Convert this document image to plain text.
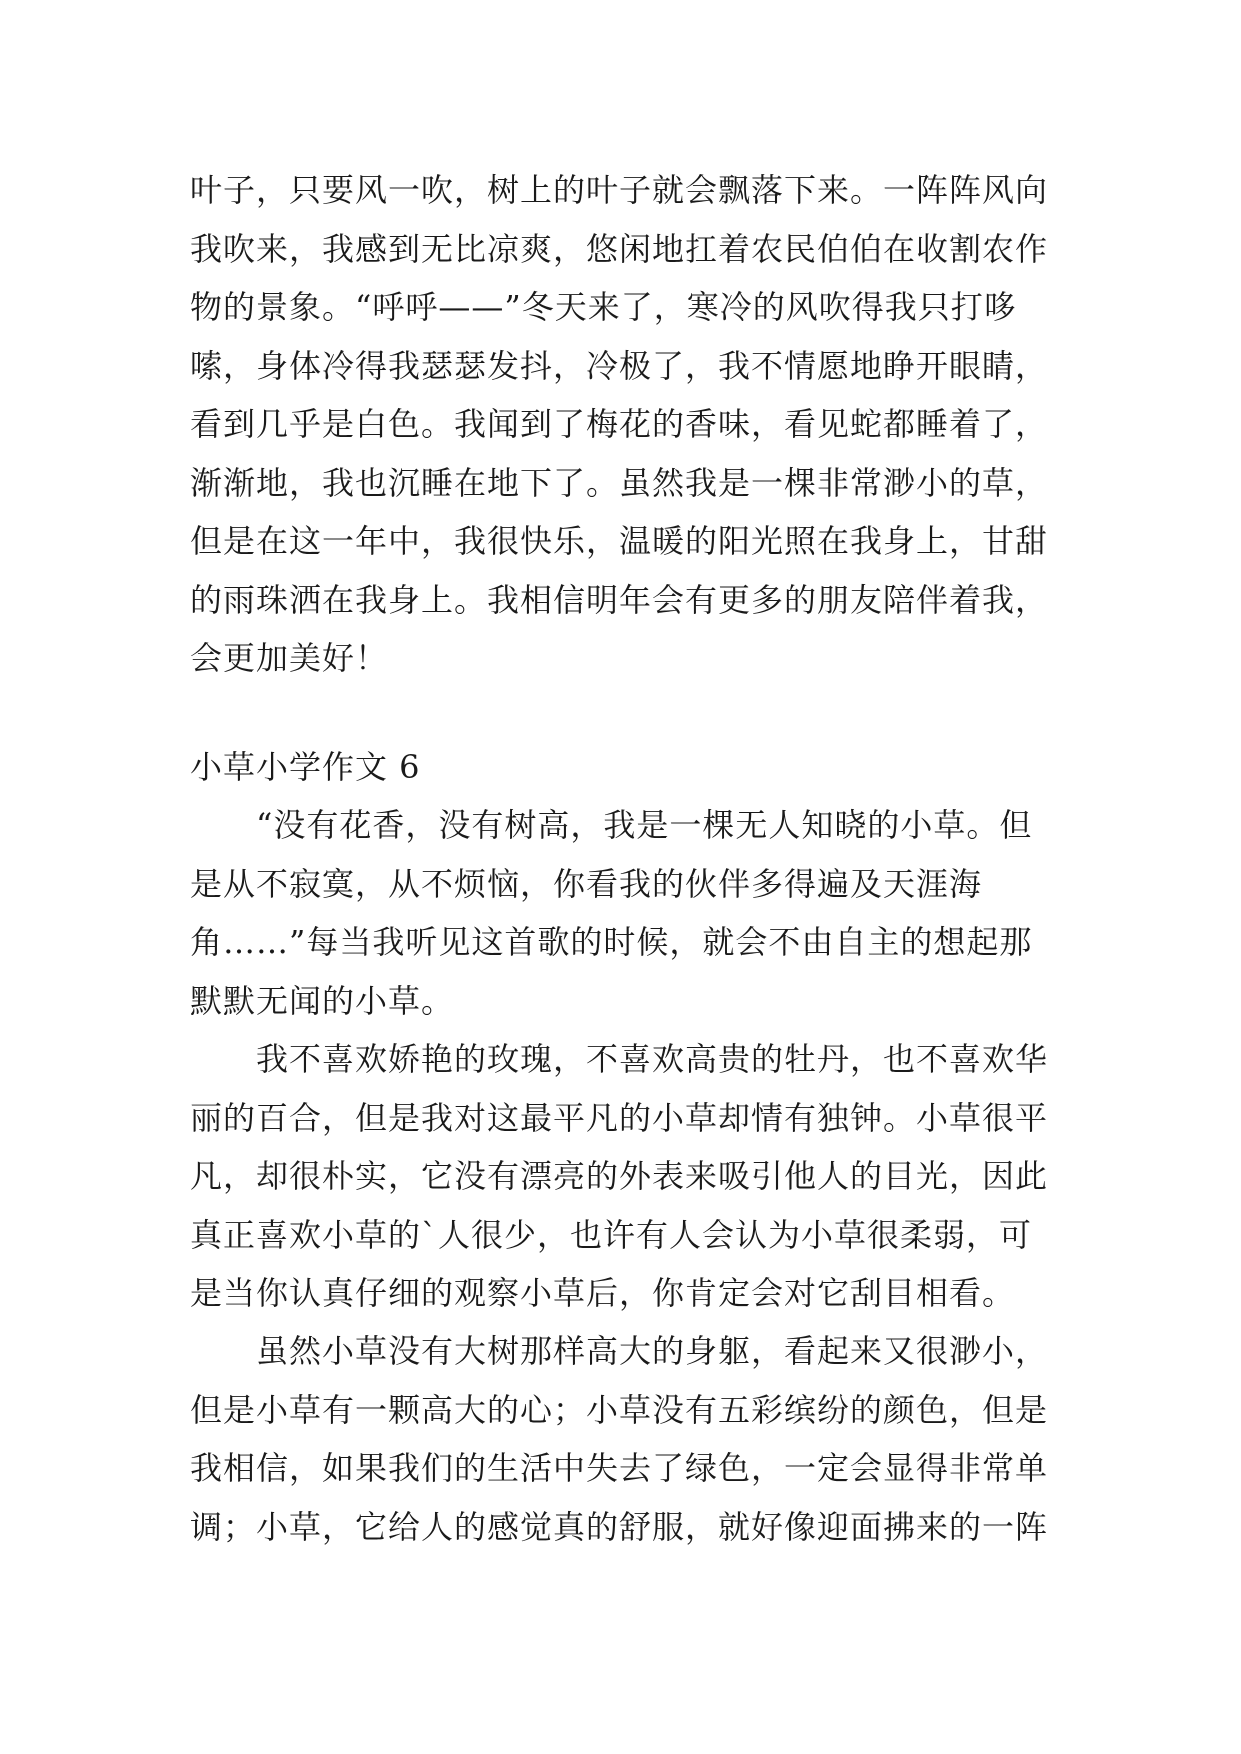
叶子，只要风一吹，树上的叶子就会飘落下来。一阵阵风向
我吹来，我感到无比凉爽，悠闲地扛着农民伯伯在收割农作
物的景象。“呼呼——”冬天来了，寒冷的风吹得我只打哆
嗦，身体冷得我瑟瑟发抖，冷极了，我不情愿地睁开眼睛，
看到几乎是白色。我闻到了梅花的香味，看见蛇都睡着了，
渐渐地，我也沉睡在地下了。虽然我是一棵非常渺小的草，
但是在这一年中，我很快乐，温暖的阳光照在我身上，甘甜
的雨珠洒在我身上。我相信明年会有更多的朋友陪伴着我，
会更加美好！
小草小学作文 6
“没有花香，没有树高，我是一棵无人知晓的小草。但
是从不寂寞，从不烦恼，你看我的伙伴多得遍及天涯海
角……”每当我听见这首歌的时候，就会不由自主的想起那
默默无闻的小草。
我不喜欢娇艳的玫瑰，不喜欢高贵的牡丹，也不喜欢华
丽的百合，但是我对这最平凡的小草却情有独钟。小草很平
凡，却很朴实，它没有漂亮的外表来吸引他人的目光，因此
真正喜欢小草的`人很少，也许有人会认为小草很柔弱，可
是当你认真仔细的观察小草后，你肯定会对它刮目相看。
虽然小草没有大树那样高大的身躯，看起来又很渺小，
但是小草有一颗高大的心；小草没有五彩缤纷的颜色，但是
我相信，如果我们的生活中失去了绿色，一定会显得非常单
调；小草，它给人的感觉真的舒服，就好像迎面拂来的一阵
